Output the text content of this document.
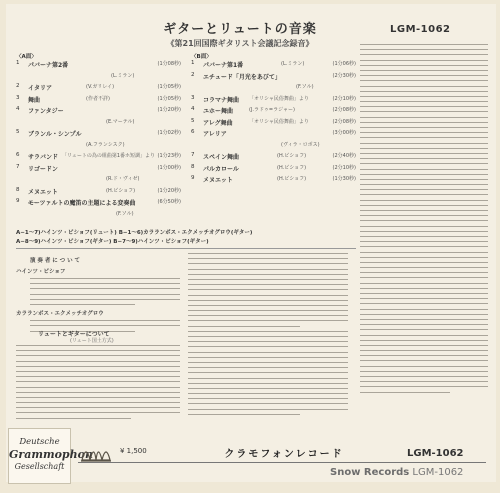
ギターとリュートの音楽
《第21回国際ギタリスト会議記念録音》
LGM-1062
〈A面〉	〈B面〉
1	パバーナ第2番	(1分08秒)
(L.ミラン)
2	イタリア	(V.ガリレイ)	(1分05秒)
3	舞曲	(作者不詳)	(1分05秒)
4	ファンタジー	(1分20秒)
(E.マーテル)
5	ブランル・シンプル	(1分02秒)
(A.フランシスク)
6	サラバンド 「リュートの為の組曲第1番ホ短調」より (1分23秒)
7	リゴードン	(1分00秒)
(R.ド・ヴィゼ)
8	メヌエット	(H.ビショフ)	(1分20秒)
9	モーツァルトの魔笛の主題による変奏曲	(6分50秒)
(F.ソル)
1	パバーナ第1番	(L.ミラン)	(1分06秒)
2	エチュード「月光をあびて」	(2分30秒)
(F.ソル)
3	コラマナ舞曲 「オリシャ民俗舞曲」より	(2分10秒)
4	ユホー舞曲	(J.ラドゥ=ラジャー)	(2分08秒)
5	アレグ舞曲	「オリシャ民俗舞曲」より	(2分08秒)
6	アレリア	(3分00秒)
(ヴィラ・ロボス)
7	スペイン舞曲	(H.ビショフ)	(2分40秒)
8	パルカロール	(H.ビショフ)	(2分10秒)
9	メヌエット	(H.ビショフ)	(1分30秒)
A−1〜7)ハインツ・ビショフ(リュート) B−1〜6)カラランボス・エクメッチオグロウ(ギター)
A−8〜9)ハインツ・ビショフ(ギター) B−7〜9)ハインツ・ビショフ(ギター)
演 奏 者 に つ い て
ハインツ・ビショフ
カラランボス・エクメッチオグロウ
リュートとギターについて
(リュート国土方式)
Deutsche
Grammophon
Gesellschaft
¥ 1,500	クラモフォンレコード	LGM-1062
Snow Records LGM-1062
